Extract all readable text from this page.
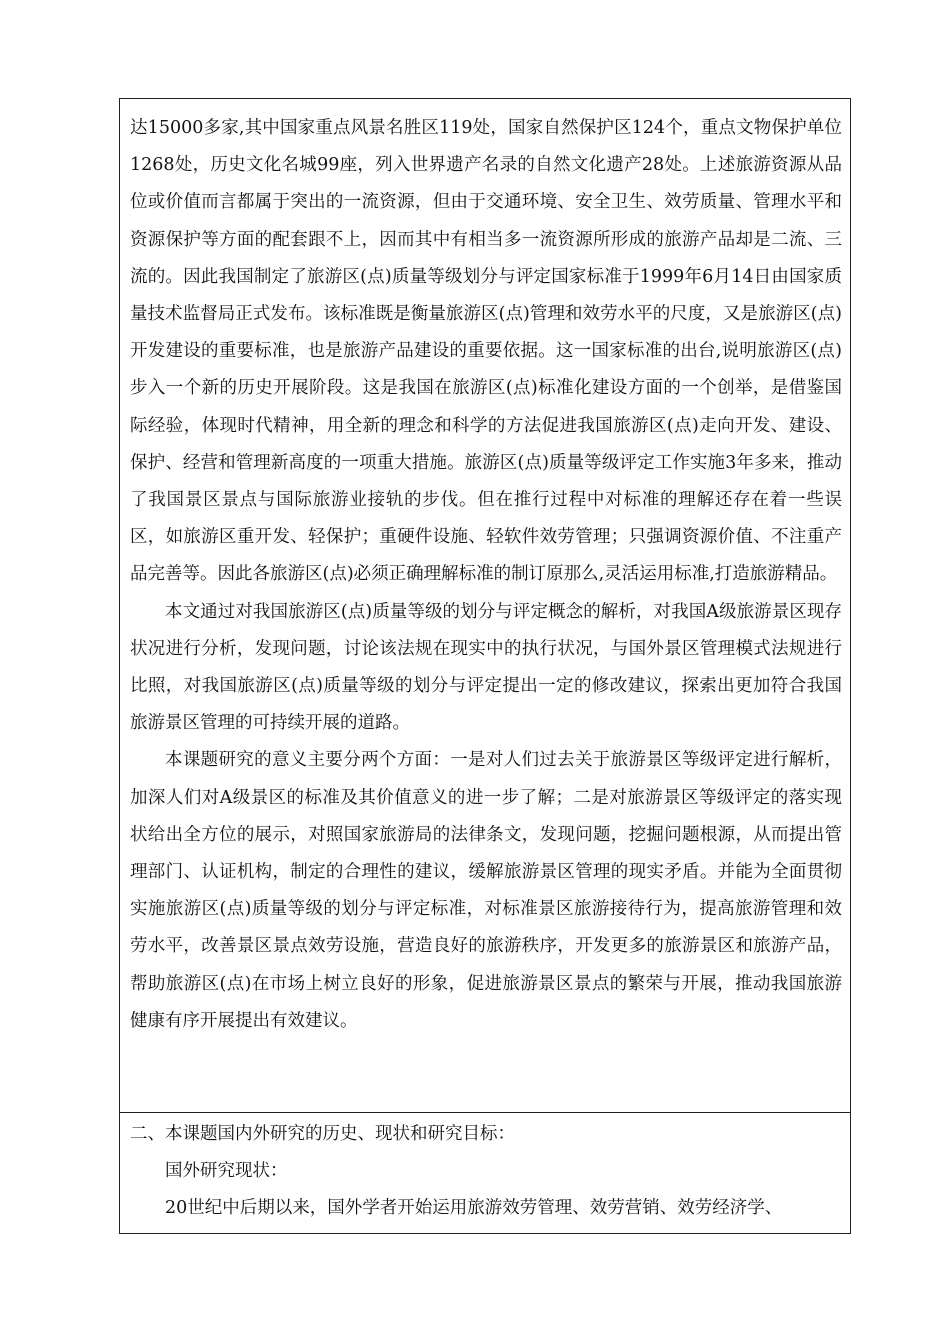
达15000多家,其中国家重点风景名胜区119处，国家自然保护区124个，重点文物保护单位1268处，历史文化名城99座，列入世界遗产名录的自然文化遗产28处。上述旅游资源从品位或价值而言都属于突出的一流资源，但由于交通环境、安全卫生、效劳质量、管理水平和资源保护等方面的配套跟不上，因而其中有相当多一流资源所形成的旅游产品却是二流、三流的。因此我国制定了旅游区(点)质量等级划分与评定国家标准于1999年6月14日由国家质量技术监督局正式发布。该标准既是衡量旅游区(点)管理和效劳水平的尺度，又是旅游区(点)开发建设的重要标准，也是旅游产品建设的重要依据。这一国家标准的出台,说明旅游区(点)步入一个新的历史开展阶段。这是我国在旅游区(点)标准化建设方面的一个创举，是借鉴国际经验，体现时代精神，用全新的理念和科学的方法促进我国旅游区(点)走向开发、建设、保护、经营和管理新高度的一项重大措施。旅游区(点)质量等级评定工作实施3年多来，推动了我国景区景点与国际旅游业接轨的步伐。但在推行过程中对标准的理解还存在着一些误区，如旅游区重开发、轻保护；重硬件设施、轻软件效劳管理；只强调资源价值、不注重产品完善等。因此各旅游区(点)必须正确理解标准的制订原那么,灵活运用标准,打造旅游精品。

本文通过对我国旅游区(点)质量等级的划分与评定概念的解析，对我国A级旅游景区现存状况进行分析，发现问题，讨论该法规在现实中的执行状况，与国外景区管理模式法规进行比照，对我国旅游区(点)质量等级的划分与评定提出一定的修改建议，探索出更加符合我国旅游景区管理的可持续开展的道路。

本课题研究的意义主要分两个方面：一是对人们过去关于旅游景区等级评定进行解析，加深人们对A级景区的标准及其价值意义的进一步了解；二是对旅游景区等级评定的落实现状给出全方位的展示，对照国家旅游局的法律条文，发现问题，挖掘问题根源，从而提出管理部门、认证机构，制定的合理性的建议，缓解旅游景区管理的现实矛盾。并能为全面贯彻实施旅游区(点)质量等级的划分与评定标准，对标准景区旅游接待行为，提高旅游管理和效劳水平，改善景区景点效劳设施，营造良好的旅游秩序，开发更多的旅游景区和旅游产品，帮助旅游区(点)在市场上树立良好的形象，促进旅游景区景点的繁荣与开展，推动我国旅游健康有序开展提出有效建议。

二、本课题国内外研究的历史、现状和研究目标：

国外研究现状：

20世纪中后期以来，国外学者开始运用旅游效劳管理、效劳营销、效劳经济学、
